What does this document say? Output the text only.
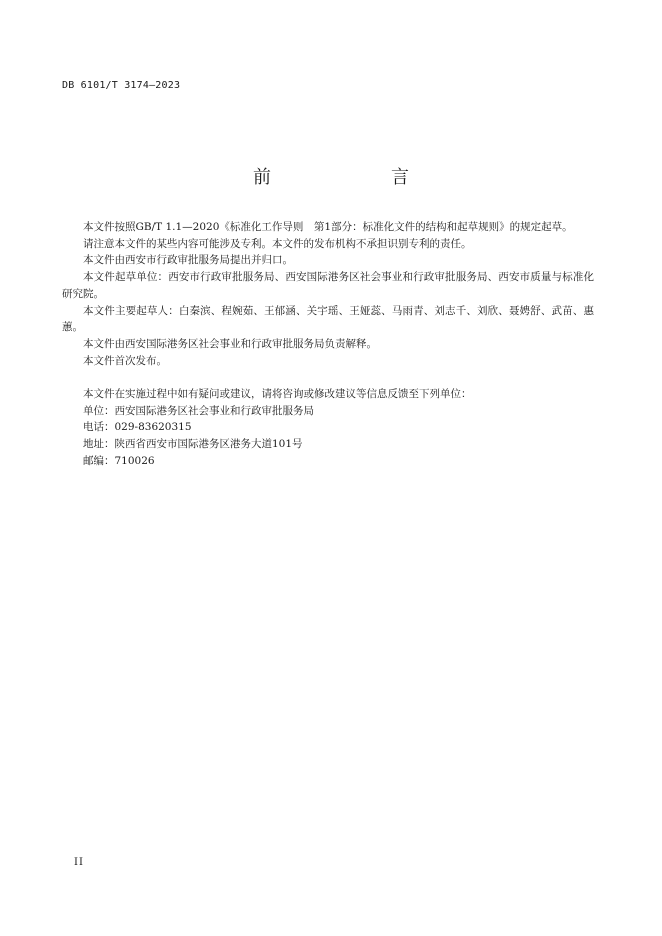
DB 6101/T 3174—2023
前　　言

本文件按照GB/T 1.1—2020《标准化工作导则　第1部分：标准化文件的结构和起草规则》的规定起草。

请注意本文件的某些内容可能涉及专利。本文件的发布机构不承担识别专利的责任。

本文件由西安市行政审批服务局提出并归口。

本文件起草单位：西安市行政审批服务局、西安国际港务区社会事业和行政审批服务局、西安市质量与标准化研究院。

本文件主要起草人：白秦滨、程婉茹、王郁涵、关宇瑶、王娅蕊、马雨青、刘志千、刘欣、聂娉舒、武苗、惠蕙。

本文件由西安国际港务区社会事业和行政审批服务局负责解释。

本文件首次发布。

本文件在实施过程中如有疑问或建议，请将咨询或修改建议等信息反馈至下列单位：

单位：西安国际港务区社会事业和行政审批服务局

电话：029-83620315

地址：陕西省西安市国际港务区港务大道101号

邮编：710026

II
